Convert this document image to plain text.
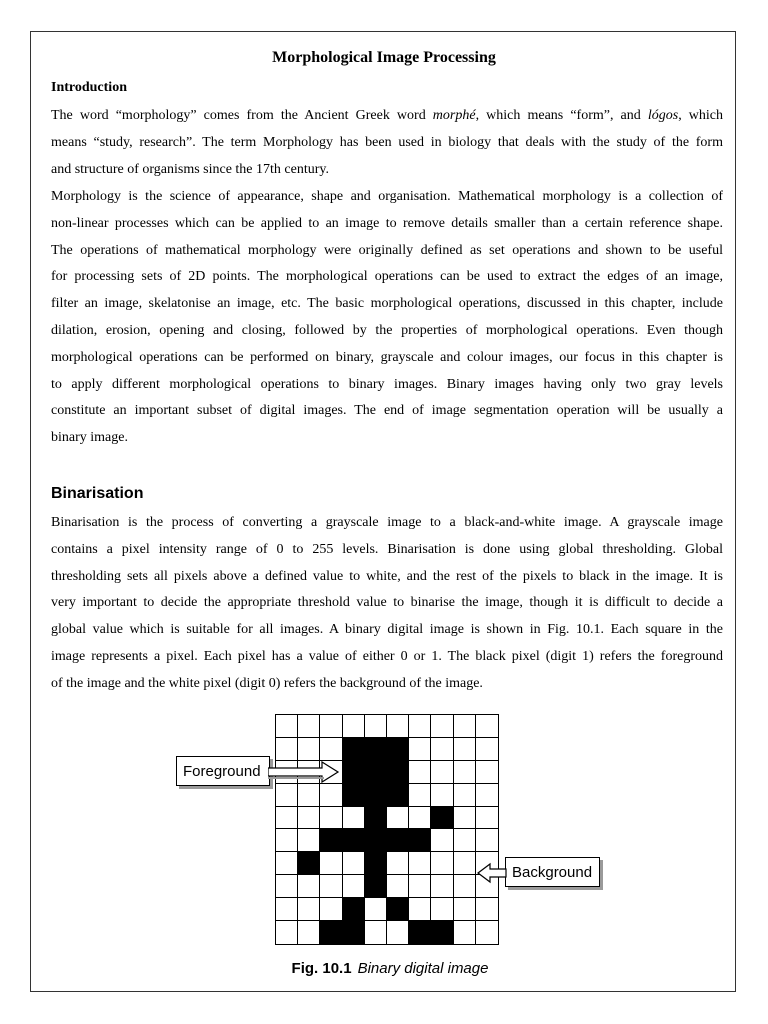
Morphological Image Processing
Introduction
The word “morphology” comes from the Ancient Greek word morphé, which means “form”, and lógos, which
means “study, research”. The term Morphology has been used in biology that deals with the study of the form
and structure of organisms since the 17th century.
Morphology is the science of appearance, shape and organisation. Mathematical morphology is a collection of
non-linear processes which can be applied to an image to remove details smaller than a certain reference shape.
The operations of mathematical morphology were originally defined as set operations and shown to be useful
for processing sets of 2D points. The morphological operations can be used to extract the edges of an image,
filter an image, skelatonise an image, etc. The basic morphological operations, discussed in this chapter, include
dilation, erosion, opening and closing, followed by the properties of morphological operations. Even though
morphological operations can be performed on binary, grayscale and colour images, our focus in this chapter is
to apply different morphological operations to binary images. Binary images having only two gray levels
constitute an important subset of digital images. The end of image segmentation operation will be usually a
binary image.
Binarisation
Binarisation is the process of converting a grayscale image to a black-and-white image. A grayscale image
contains a pixel intensity range of 0 to 255 levels. Binarisation is done using global thresholding. Global
thresholding sets all pixels above a defined value to white, and the rest of the pixels to black in the image. It is
very important to decide the appropriate threshold value to binarise the image, though it is difficult to decide a
global value which is suitable for all images. A binary digital image is shown in Fig. 10.1. Each square in the
image represents a pixel. Each pixel has a value of either 0 or 1. The black pixel (digit 1) refers the foreground
of the image and the white pixel (digit 0) refers the background of the image.
Foreground
Background
Fig. 10.1 Binary digital image
